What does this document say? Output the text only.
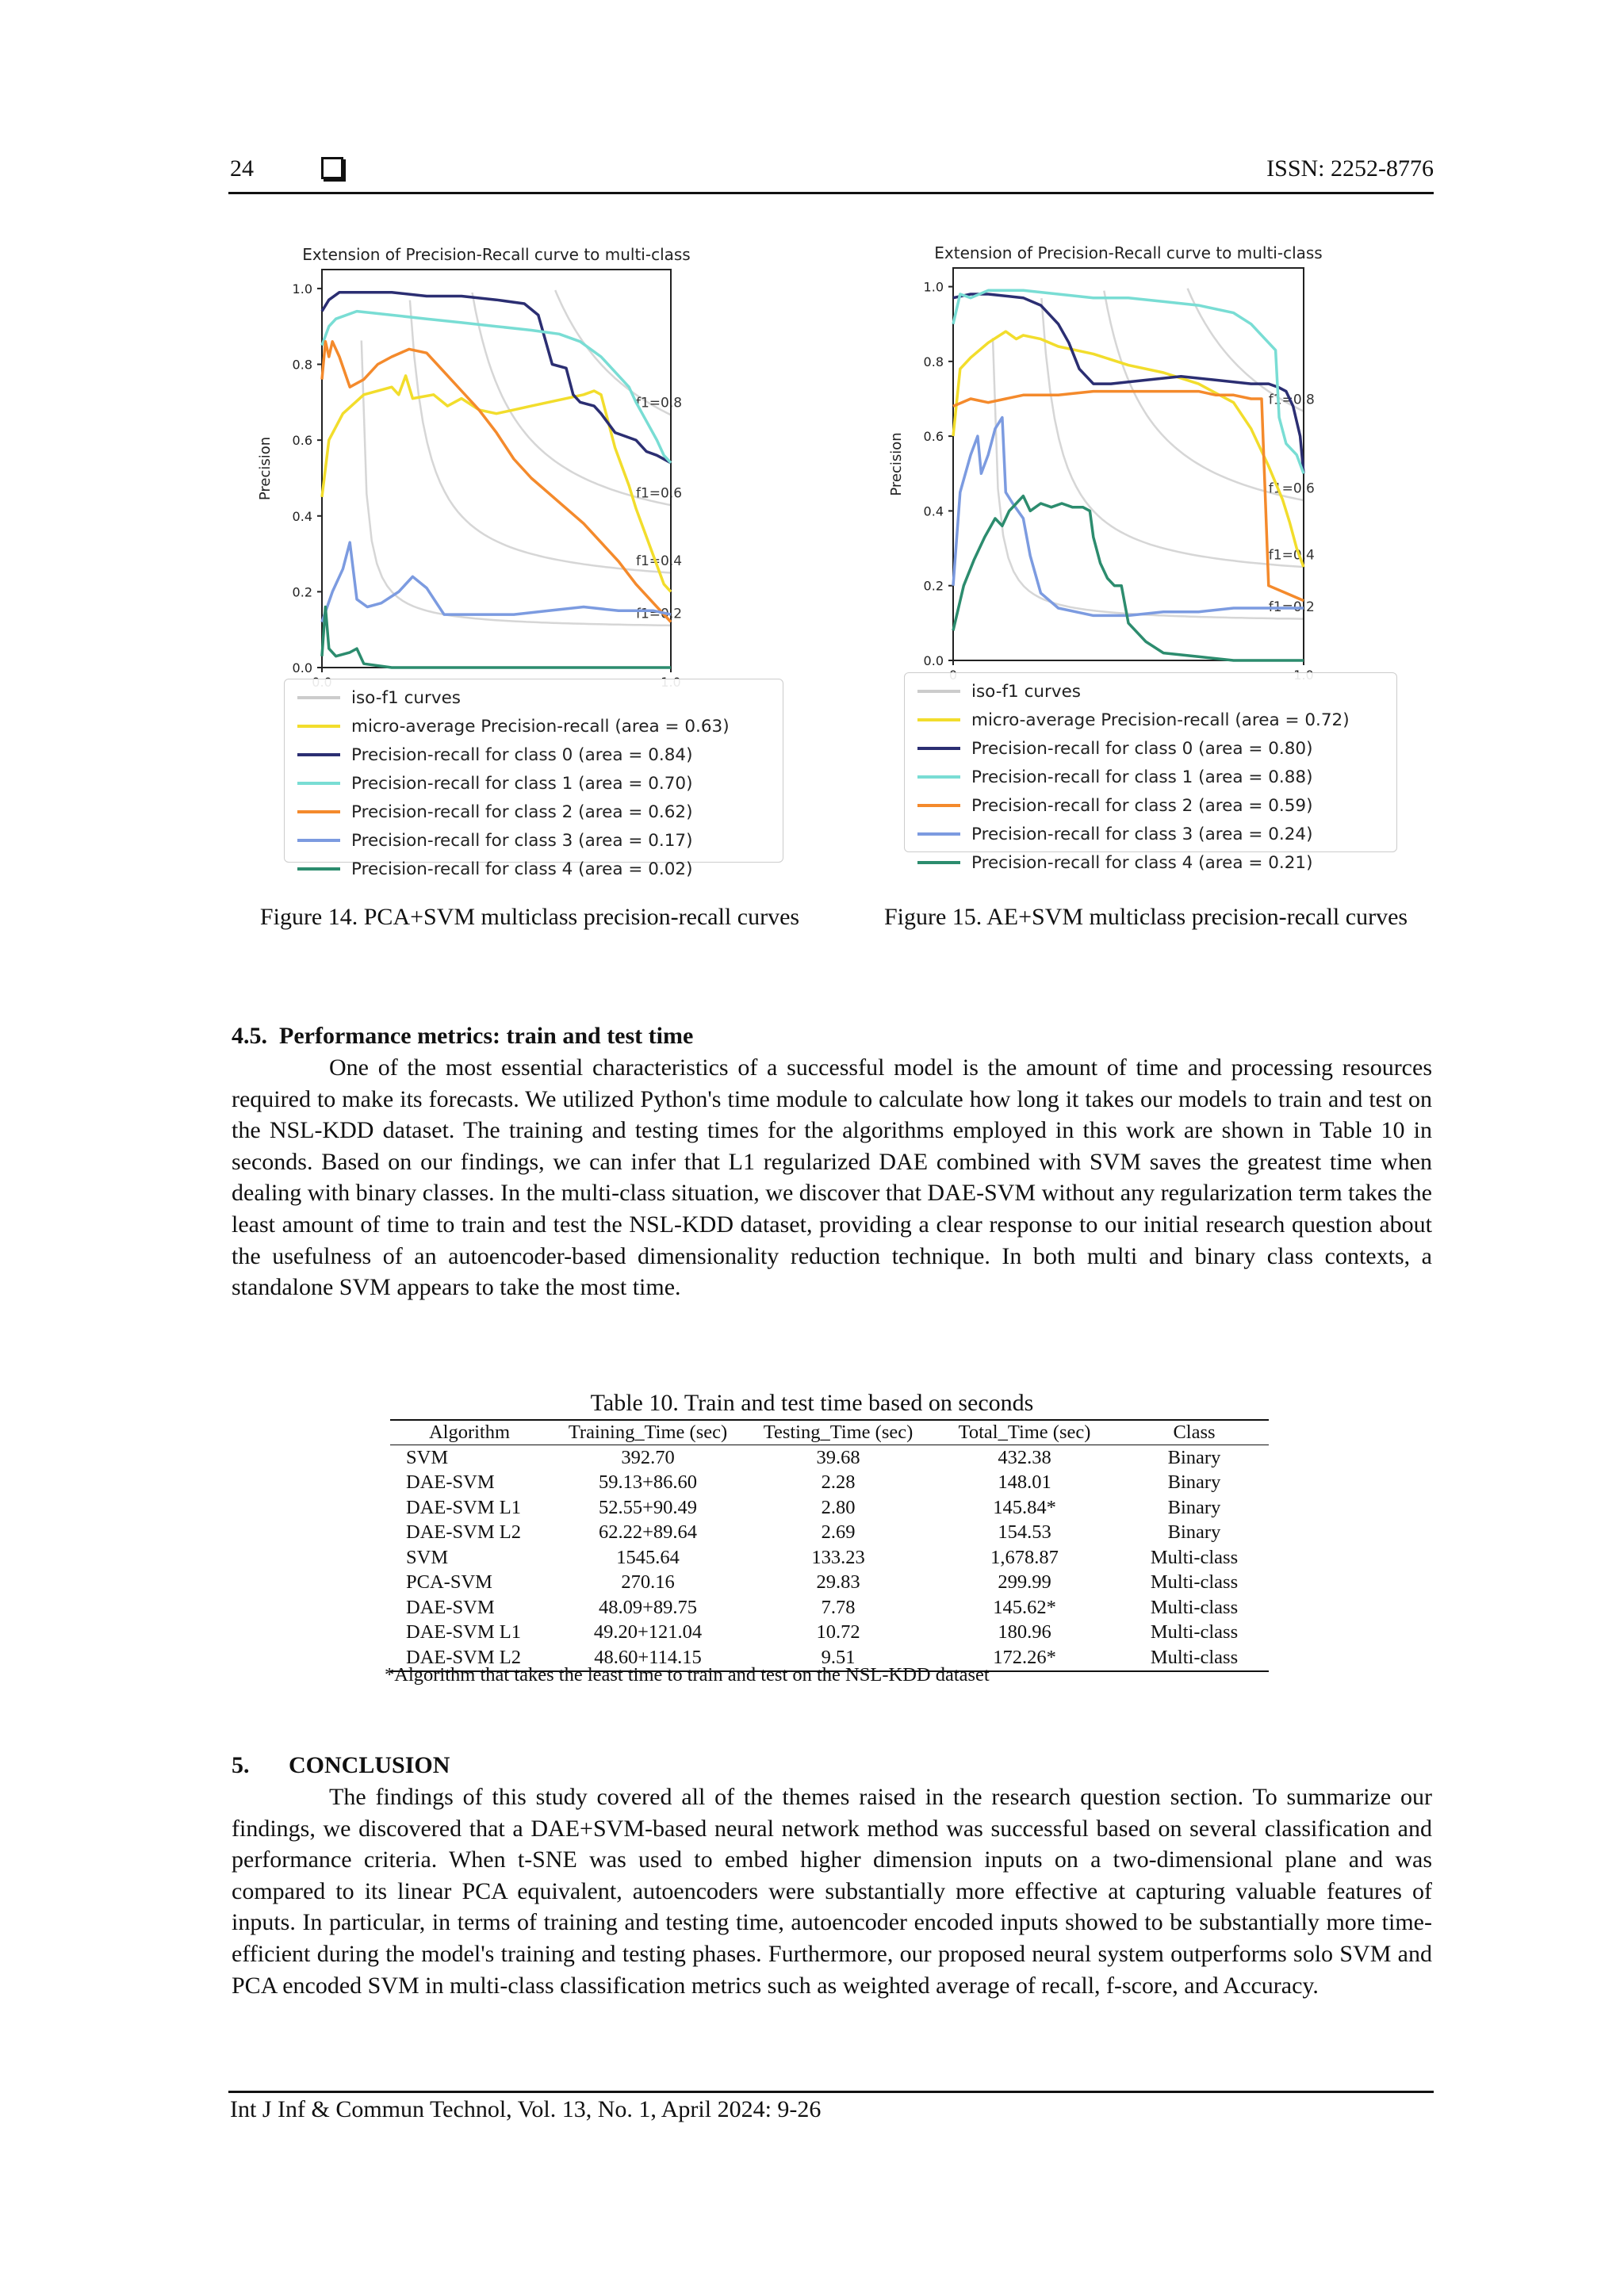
24	ISSN: 2252-8776
Extension of Precision-Recall curve to multi-class
f1=0.2
f1=0.4
f1=0.6
f1=0.8
0.0
0.2
0.4
0.6
0.8
1.0
Precision
iso-f1 curves
micro-average Precision-recall (area = 0.63)
Precision-recall for class 0 (area = 0.84)
Precision-recall for class 1 (area = 0.70)
Precision-recall for class 2 (area = 0.62)
Precision-recall for class 3 (area = 0.17)
Precision-recall for class 4 (area = 0.02)
Figure 14. PCA+SVM multiclass precision-recall curves
Extension of Precision-Recall curve to multi-class
f1=0.2
f1=0.4
f1=0.6
f1=0.8
0.0
0.2
0.4
0.6
0.8
1.0
Precision
iso-f1 curves
micro-average Precision-recall (area = 0.72)
Precision-recall for class 0 (area = 0.80)
Precision-recall for class 1 (area = 0.88)
Precision-recall for class 2 (area = 0.59)
Precision-recall for class 3 (area = 0.24)
Precision-recall for class 4 (area = 0.21)
Figure 15. AE+SVM multiclass precision-recall curves
4.5.  Performance metrics: train and test time

One of the most essential characteristics of a successful model is the amount of time and processing resources required to make its forecasts. We utilized Python's time module to calculate how long it takes our models to train and test on the NSL-KDD dataset. The training and testing times for the algorithms employed in this work are shown in Table 10 in seconds. Based on our findings, we can infer that L1 regularized DAE combined with SVM saves the greatest time when dealing with binary classes. In the multi-class situation, we discover that DAE-SVM without any regularization term takes the least amount of time to train and test the NSL-KDD dataset, providing a clear response to our initial research question about the usefulness of an autoencoder-based dimensionality reduction technique. In both multi and binary class contexts, a standalone SVM appears to take the most time.

Table 10. Train and test time based on seconds
Algorithm	Training_Time (sec)	Testing_Time (sec)	Total_Time (sec)	Class
SVM	392.70	39.68	432.38	Binary
DAE-SVM	59.13+86.60	2.28	148.01	Binary
DAE-SVM L1	52.55+90.49	2.80	145.84*	Binary
DAE-SVM L2	62.22+89.64	2.69	154.53	Binary
SVM	1545.64	133.23	1,678.87	Multi-class
PCA-SVM	270.16	29.83	299.99	Multi-class
DAE-SVM	48.09+89.75	7.78	145.62*	Multi-class
DAE-SVM L1	49.20+121.04	10.72	180.96	Multi-class
DAE-SVM L2	48.60+114.15	9.51	172.26*	Multi-class
*Algorithm that takes the least time to train and test on the NSL-KDD dataset
5. CONCLUSION

The findings of this study covered all of the themes raised in the research question section. To summarize our findings, we discovered that a DAE+SVM-based neural network method was successful based on several classification and performance criteria. When t-SNE was used to embed higher dimension inputs on a two-dimensional plane and was compared to its linear PCA equivalent, autoencoders were substantially more effective at capturing valuable features of inputs. In particular, in terms of training and testing time, autoencoder encoded inputs showed to be substantially more time-efficient during the model's training and testing phases. Furthermore, our proposed neural system outperforms solo SVM and PCA encoded SVM in multi-class classification metrics such as weighted average of recall, f-score, and Accuracy.

Int J Inf & Commun Technol, Vol. 13, No. 1, April 2024: 9-26
